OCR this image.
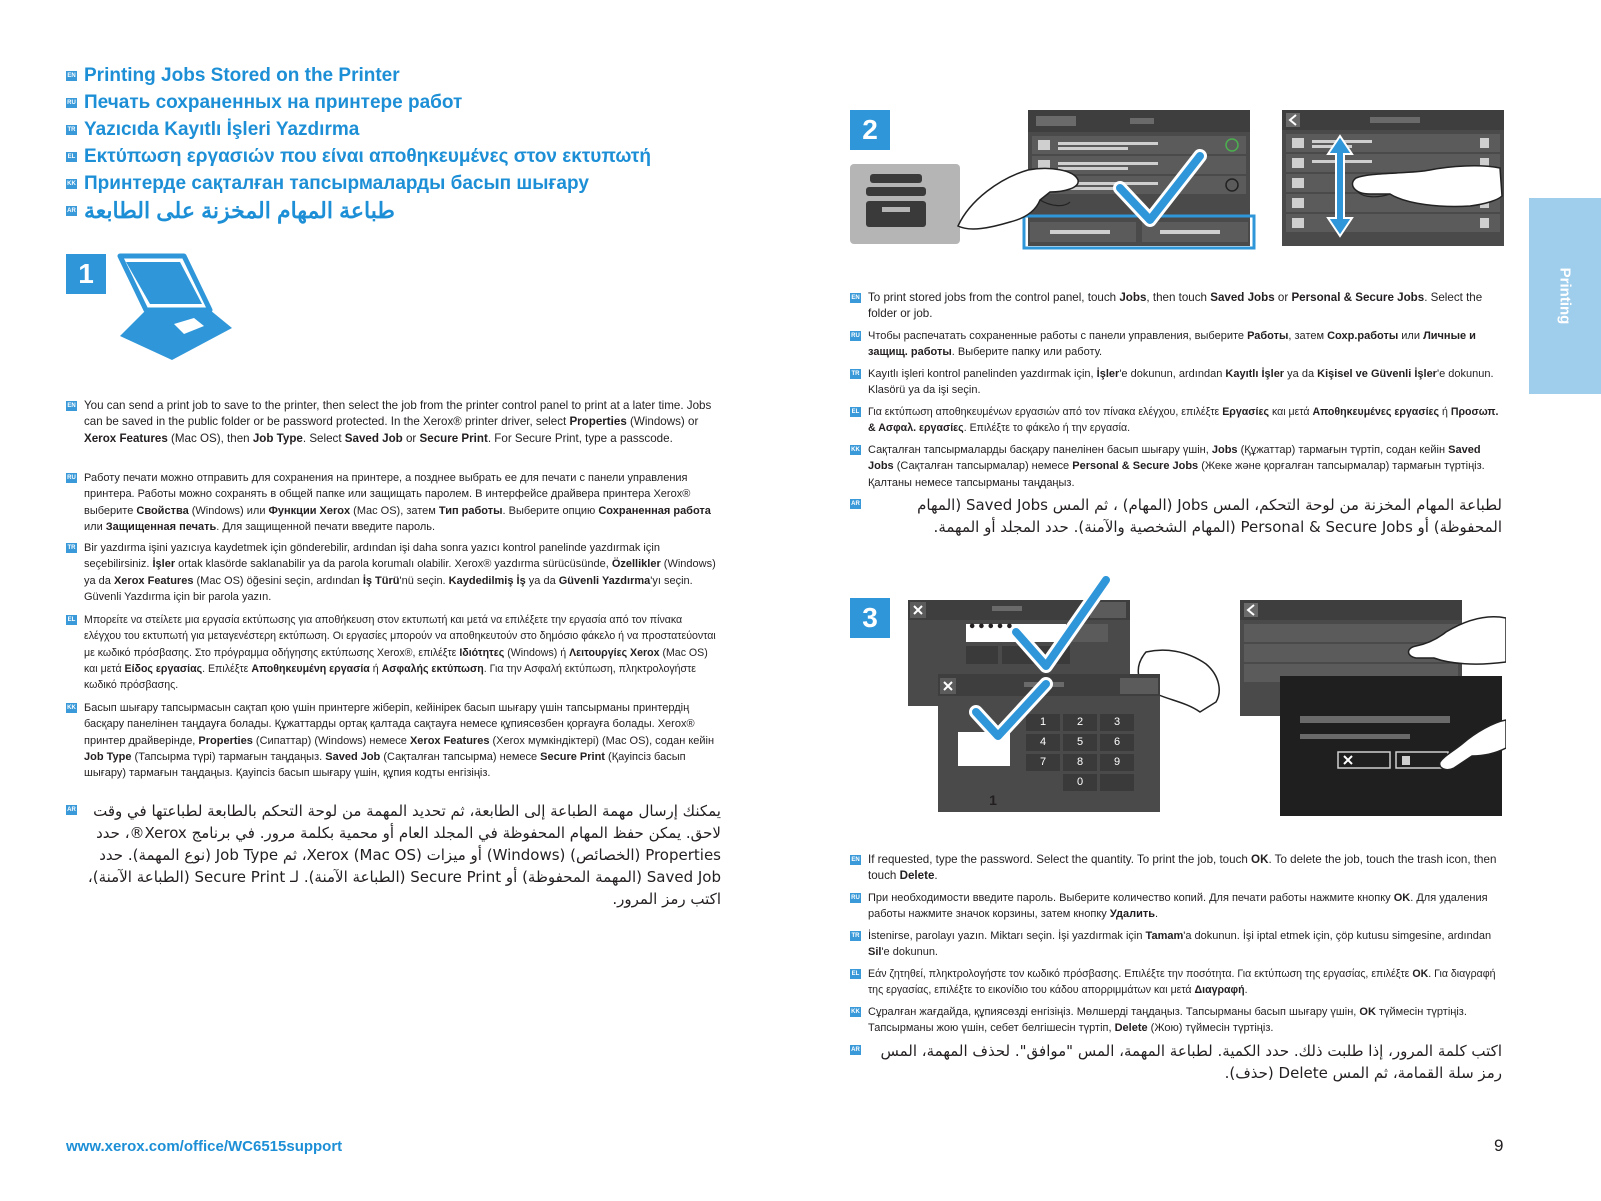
EN Printing Jobs Stored on the Printer
RU Печать сохраненных на принтере работ
TR Yazıcıda Kayıtlı İşleri Yazdırma
EL Εκτύπωση εργασιών που είναι αποθηκευμένες στον εκτυπωτή
KK Принтерде сақталған тапсырмаларды басып шығару
AR طباعة المهام المخزنة على الطابعة
1
EN You can send a print job to save to the printer, then select the job from the printer control panel to print at a later time. Jobs can be saved in the public folder or be password protected. In the Xerox® printer driver, select Properties (Windows) or Xerox Features (Mac OS), then Job Type. Select Saved Job or Secure Print. For Secure Print, type a passcode.
RU Работу печати можно отправить для сохранения на принтере, а позднее выбрать ее для печати с панели управления принтера. Работы можно сохранять в общей папке или защищать паролем. В интерфейсе драйвера принтера Xerox® выберите Свойства (Windows) или Функции Xerox (Mac OS), затем Тип работы. Выберите опцию Сохраненная работа или Защищенная печать. Для защищенной печати введите пароль.
TR Bir yazdırma işini yazıcıya kaydetmek için gönderebilir, ardından işi daha sonra yazıcı kontrol panelinde yazdırmak için seçebilirsiniz. İşler ortak klasörde saklanabilir ya da parola korumalı olabilir. Xerox® yazdırma sürücüsünde, Özellikler (Windows) ya da Xerox Features (Mac OS) öğesini seçin, ardından İş Türü'nü seçin. Kaydedilmiş İş ya da Güvenli Yazdırma'yı seçin. Güvenli Yazdırma için bir parola yazın.
EL Μπορείτε να στείλετε μια εργασία εκτύπωσης για αποθήκευση στον εκτυπωτή και μετά να επιλέξετε την εργασία από τον πίνακα ελέγχου του εκτυπωτή για μεταγενέστερη εκτύπωση. Οι εργασίες μπορούν να αποθηκευτούν στο δημόσιο φάκελο ή να προστατεύονται με κωδικό πρόσβασης. Στο πρόγραμμα οδήγησης εκτύπωσης Xerox®, επιλέξτε Ιδιότητες (Windows) ή Λειτουργίες Xerox (Mac OS) και μετά Είδος εργασίας. Επιλέξτε Αποθηκευμένη εργασία ή Ασφαλής εκτύπωση. Για την Ασφαλή εκτύπωση, πληκτρολογήστε κωδικό πρόσβασης.
KK Басып шығару тапсырмасын сақтап қою үшін принтерге жіберіп, кейінірек басып шығару үшін тапсырманы принтердің басқару панелінен таңдауға болады. Құжаттарды ортақ қалтада сақтауға немесе құпиясөзбен қорғауға болады. Xerox® принтер драйверінде, Properties (Сипаттар) (Windows) немесе Xerox Features (Xerox мүмкіндіктері) (Mac OS), содан кейін Job Type (Тапсырма түрі) тармағын таңдаңыз. Saved Job (Сақталған тапсырма) немесе Secure Print (Қауіпсіз басып шығару) тармағын таңдаңыз. Қауіпсіз басып шығару үшін, құпия кодты енгізіңіз.
AR	يمكنك إرسال مهمة الطباعة إلى الطابعة، ثم تحديد المهمة من لوحة التحكم بالطابعة لطباعتها في وقت لاحق. يمكن حفظ المهام المحفوظة في المجلد العام أو محمية بكلمة مرور. في برنامج Xerox®، حدد Properties (الخصائص) (Windows) أو ميزات Xerox (Mac OS)، ثم Job Type (نوع المهمة). حدد Saved Job (المهمة المحفوظة) أو Secure Print (الطباعة الآمنة). لـ Secure Print (الطباعة الآمنة)، اكتب رمز المرور.
2
EN To print stored jobs from the control panel, touch Jobs, then touch Saved Jobs or Personal & Secure Jobs. Select the folder or job.
RU Чтобы распечатать сохраненные работы с панели управления, выберите Работы, затем Сохр.работы или Личные и защищ. работы. Выберите папку или работу.
TR Kayıtlı işleri kontrol panelinden yazdırmak için, İşler'e dokunun, ardından Kayıtlı İşler ya da Kişisel ve Güvenli İşler'e dokunun. Klasörü ya da işi seçin.
EL Για εκτύπωση αποθηκευμένων εργασιών από τον πίνακα ελέγχου, επιλέξτε Εργασίες και μετά Αποθηκευμένες εργασίες ή Προσωπ. & Ασφαλ. εργασίες. Επιλέξτε το φάκελο ή την εργασία.
KK Сақталған тапсырмаларды басқару панелінен басып шығару үшін, Jobs (Құжаттар) тармағын түртіп, содан кейін Saved Jobs (Сақталған тапсырмалар) немесе Personal & Secure Jobs (Жеке және қорғалған тапсырмалар) тармағын түртіңіз. Қалтаны немесе тапсырманы таңдаңыз.
AR	لطباعة المهام المخزنة من لوحة التحكم، المس Jobs (المهام) ، ثم المس Saved Jobs (المهام المحفوظة) أو Personal & Secure Jobs (المهام الشخصية والآمنة). حدد المجلد أو المهمة.
3
1
•••••
1	2	3
4	5	6
7	8	9
0
EN If requested, type the password. Select the quantity. To print the job, touch OK. To delete the job, touch the trash icon, then touch Delete.
RU При необходимости введите пароль. Выберите количество копий. Для печати работы нажмите кнопку OK. Для удаления работы нажмите значок корзины, затем кнопку Удалить.
TR İstenirse, parolayı yazın. Miktarı seçin. İşi yazdırmak için Tamam'a dokunun. İşi iptal etmek için, çöp kutusu simgesine, ardından Sil'e dokunun.
EL Εάν ζητηθεί, πληκτρολογήστε τον κωδικό πρόσβασης. Επιλέξτε την ποσότητα. Για εκτύπωση της εργασίας, επιλέξτε OK. Για διαγραφή της εργασίας, επιλέξτε το εικονίδιο του κάδου απορριμμάτων και μετά Διαγραφή.
KK Сұралған жағдайда, құпиясөзді енгізіңіз. Мөлшерді таңдаңыз. Тапсырманы басып шығару үшін, OK түймесін түртіңіз. Тапсырманы жою үшін, себет белгішесін түртіп, Delete (Жою) түймесін түртіңіз.
AR	اكتب كلمة المرور، إذا طلبت ذلك. حدد الكمية. لطباعة المهمة، المس "موافق". لحذف المهمة، المس رمز سلة القمامة، ثم المس Delete (حذف).
Printing
www.xerox.com/office/WC6515support	9
